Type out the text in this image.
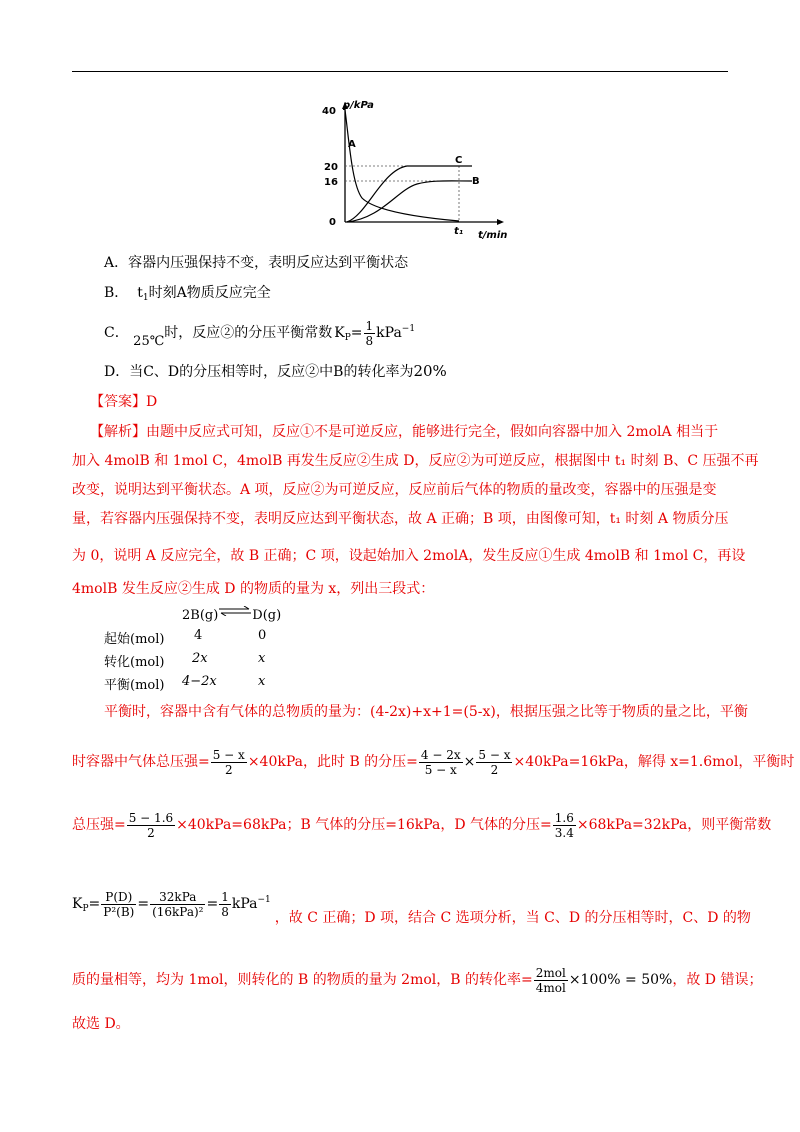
p/kPa
40
20
16
0
A
C
B
t₁ t/min
A．容器内压强保持不变，表明反应达到平衡状态
B． $t_1$时刻A物质反应完全
C． 25℃时，反应②的分压平衡常数 $K_P= \frac{1}{8} kPa^{-1}$
D．当C、D的分压相等时，反应②中B的转化率为20%
【答案】D
【解析】由题中反应式可知，反应①不是可逆反应，能够进行完全，假如向容器中加入 2molA 相当于
加入 4molB 和 1mol C，4molB 再发生反应②生成 D，反应②为可逆反应，根据图中 t₁ 时刻 B、C 压强不再
改变，说明达到平衡状态。A 项，反应②为可逆反应，反应前后气体的物质的量改变，容器中的压强是变
量，若容器内压强保持不变，表明反应达到平衡状态，故 A 正确；B 项，由图像可知，t₁ 时刻 A 物质分压
为 0，说明 A 反应完全，故 B 正确；C 项，设起始加入 2molA，发生反应①生成 4molB 和 1mol C，再设
4molB 发生反应②生成 D 的物质的量为 x，列出三段式：
2B(g)	D(g)
起始(mol) 4	0
转化(mol) 2x	x
平衡(mol) 4−2x	x
平衡时，容器中含有气体的总物质的量为：(4-2x)+x+1=(5-x)，根据压强之比等于物质的量之比，平衡
时容器中气体总压强= $\frac{5 - x}{2} \times 40kPa$，此时 B 的分压= $\frac{4 - 2x}{5 - x} \times \frac{5 - x}{2} \times 40kPa=16kPa$，解得 x=1.6mol，平衡时
总压强= $\frac{5 - 1.6}{2} \times 40kPa=68kPa$；B 气体的分压=16kPa，D 气体的分压= $\frac{1.6}{3.4} \times 68kPa=32kPa$，则平衡常数
$K_P= \frac{P(D)}{\text{P²(B)}} = \frac{\text{32kPa}}{\text{(16kPa)²}} = \frac{1}{8} kPa^{-1}$，故 C 正确；D 项，结合 C 选项分析，当 C、D 的分压相等时，C、D 的物
质的量相等，均为 1mol，则转化的 B 的物质的量为 2mol，B 的转化率= $\frac{\text{2mol}}{\text{4mol}} \times 100\% = 50\%$，故 D 错误；
故选 D。
